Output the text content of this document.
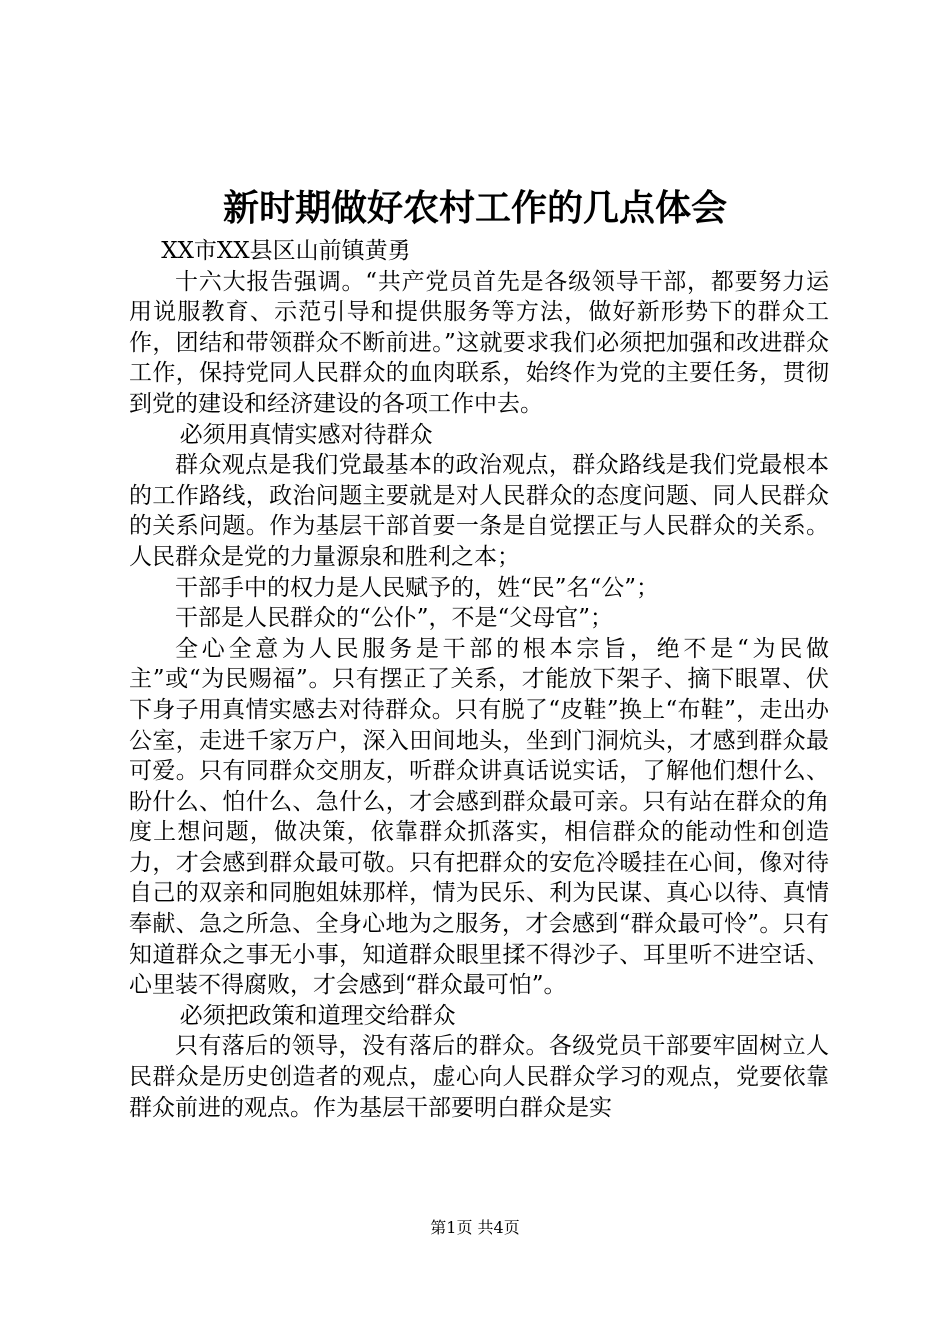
新时期做好农村工作的几点体会

XX市XX县区山前镇黄勇

十六大报告强调。“共产党员首先是各级领导干部，都要努力运用说服教育、示范引导和提供服务等方法，做好新形势下的群众工作，团结和带领群众不断前进。”这就要求我们必须把加强和改进群众工作，保持党同人民群众的血肉联系，始终作为党的主要任务，贯彻到党的建设和经济建设的各项工作中去。

必须用真情实感对待群众

群众观点是我们党最基本的政治观点，群众路线是我们党最根本的工作路线，政治问题主要就是对人民群众的态度问题、同人民群众的关系问题。作为基层干部首要一条是自觉摆正与人民群众的关系。人民群众是党的力量源泉和胜利之本；

干部手中的权力是人民赋予的，姓“民”名“公”；

干部是人民群众的“公仆”，不是“父母官”；

全心全意为人民服务是干部的根本宗旨，绝不是“为民做主”或“为民赐福”。只有摆正了关系，才能放下架子、摘下眼罩、伏下身子用真情实感去对待群众。只有脱了“皮鞋”换上“布鞋”，走出办公室，走进千家万户，深入田间地头，坐到门洞炕头，才感到群众最可爱。只有同群众交朋友，听群众讲真话说实话，了解他们想什么、盼什么、怕什么、急什么，才会感到群众最可亲。只有站在群众的角度上想问题，做决策，依靠群众抓落实，相信群众的能动性和创造力，才会感到群众最可敬。只有把群众的安危冷暖挂在心间，像对待自己的双亲和同胞姐妹那样，情为民乐、利为民谋、真心以待、真情奉献、急之所急、全身心地为之服务，才会感到“群众最可怜”。只有知道群众之事无小事，知道群众眼里揉不得沙子、耳里听不进空话、心里装不得腐败，才会感到“群众最可怕”。

必须把政策和道理交给群众

只有落后的领导，没有落后的群众。各级党员干部要牢固树立人民群众是历史创造者的观点，虚心向人民群众学习的观点，党要依靠群众前进的观点。作为基层干部要明白群众是实

第1页 共4页
